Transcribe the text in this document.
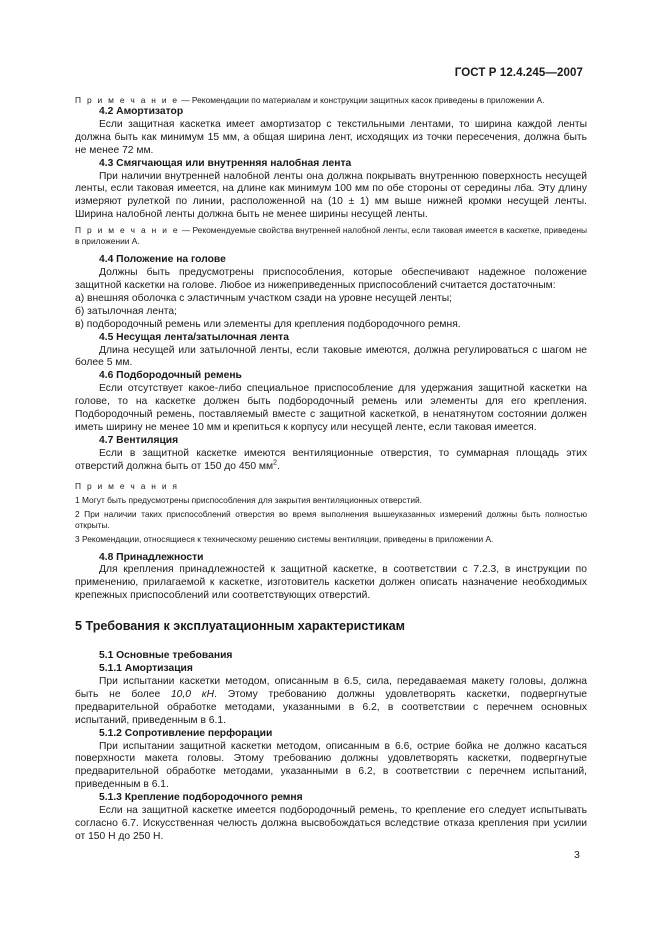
ГОСТ Р 12.4.245—2007

П р и м е ч а н и е — Рекомендации по материалам и конструкции защитных касок приведены в приложении А.

4.2 Амортизатор

Если защитная каскетка имеет амортизатор с текстильными лентами, то ширина каждой ленты должна быть как минимум 15 мм, а общая ширина лент, исходящих из точки пересечения, должна быть не менее 72 мм.

4.3 Смягчающая или внутренняя налобная лента

При наличии внутренней налобной ленты она должна покрывать внутреннюю поверхность несущей ленты, если таковая имеется, на длине как минимум 100 мм по обе стороны от середины лба. Эту длину измеряют рулеткой по линии, расположенной на (10 ± 1) мм выше нижней кромки несущей ленты. Ширина налобной ленты должна быть не менее ширины несущей ленты.

П р и м е ч а н и е — Рекомендуемые свойства внутренней налобной ленты, если таковая имеется в каскетке, приведены в приложении А.

4.4 Положение на голове

Должны быть предусмотрены приспособления, которые обеспечивают надежное положение защитной каскетки на голове. Любое из нижеприведенных приспособлений считается достаточным:

а) внешняя оболочка с эластичным участком сзади на уровне несущей ленты;

б) затылочная лента;

в) подбородочный ремень или элементы для крепления подбородочного ремня.

4.5 Несущая лента/затылочная лента

Длина несущей или затылочной ленты, если таковые имеются, должна регулироваться с шагом не более 5 мм.

4.6 Подбородочный ремень

Если отсутствует какое-либо специальное приспособление для удержания защитной каскетки на голове, то на каскетке должен быть подбородочный ремень или элементы для его крепления. Подбородочный ремень, поставляемый вместе с защитной каскеткой, в ненатянутом состоянии должен иметь ширину не менее 10 мм и крепиться к корпусу или несущей ленте, если таковая имеется.

4.7 Вентиляция

Если в защитной каскетке имеются вентиляционные отверстия, то суммарная площадь этих отверстий должна быть от 150 до 450 $мм^2$.

П р и м е ч а н и я

1 Могут быть предусмотрены приспособления для закрытия вентиляционных отверстий.

2 При наличии таких приспособлений отверстия во время выполнения вышеуказанных измерений должны быть полностью открыты.

3 Рекомендации, относящиеся к техническому решению системы вентиляции, приведены в приложении А.

4.8 Принадлежности

Для крепления принадлежностей к защитной каскетке, в соответствии с 7.2.3, в инструкции по применению, прилагаемой к каскетке, изготовитель каскетки должен описать назначение необходимых крепежных приспособлений или соответствующих отверстий.

5 Требования к эксплуатационным характеристикам

5.1 Основные требования

5.1.1 Амортизация

При испытании каскетки методом, описанным в 6.5, сила, передаваемая макету головы, должна быть не более 10,0 кН. Этому требованию должны удовлетворять каскетки, подвергнутые предварительной обработке методами, указанными в 6.2, в соответствии с перечнем основных испытаний, приведенным в 6.1.

5.1.2 Сопротивление перфорации

При испытании защитной каскетки методом, описанным в 6.6, острие бойка не должно касаться поверхности макета головы. Этому требованию должны удовлетворять каскетки, подвергнутые предварительной обработке методами, указанными в 6.2, в соответствии с перечнем испытаний, приведенным в 6.1.

5.1.3 Крепление подбородочного ремня

Если на защитной каскетке имеется подбородочный ремень, то крепление его следует испытывать согласно 6.7. Искусственная челюсть должна высвобождаться вследствие отказа крепления при усилии от 150 Н до 250 Н.

3
